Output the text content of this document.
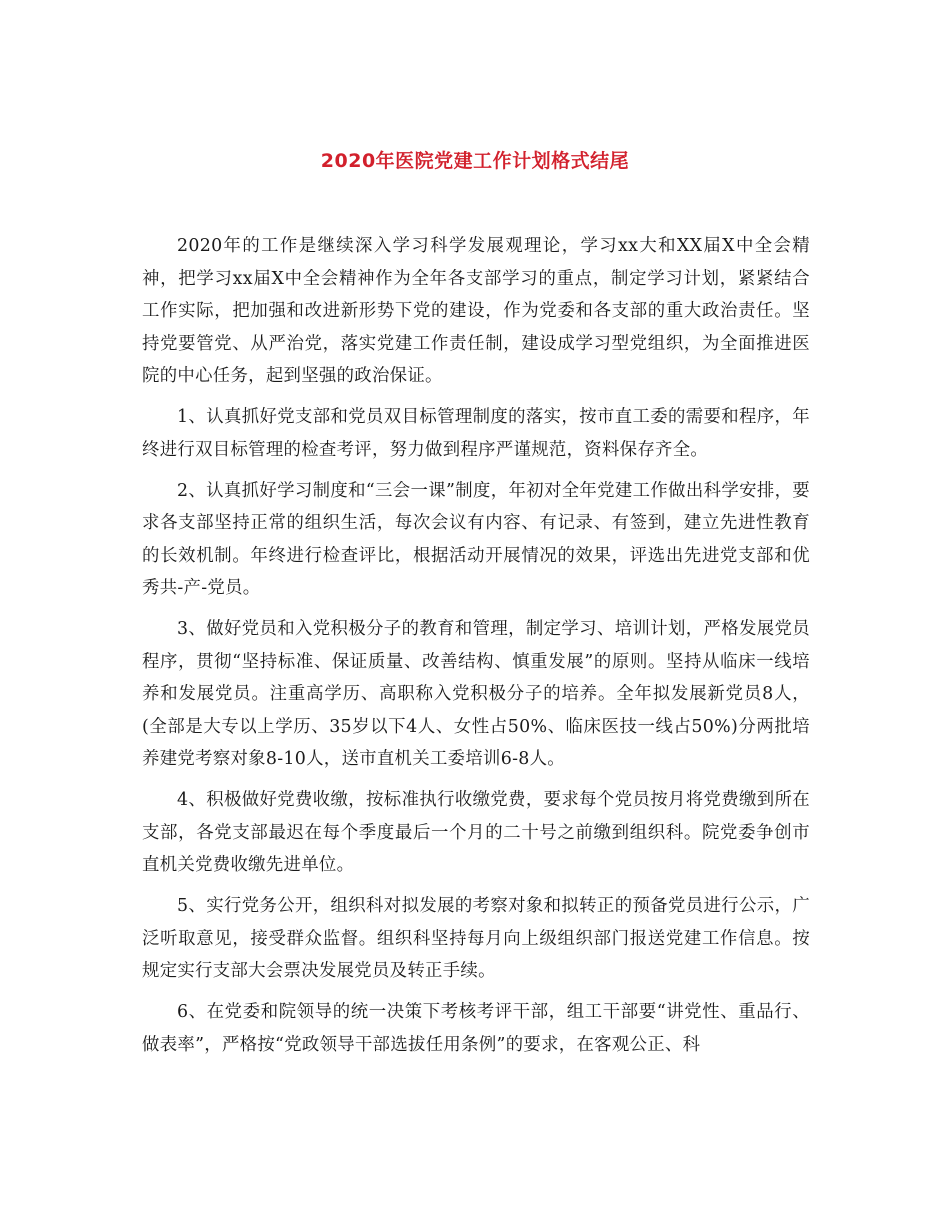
2020年医院党建工作计划格式结尾

2020年的工作是继续深入学习科学发展观理论，学习xx大和XX届X中全会精神，把学习xx届X中全会精神作为全年各支部学习的重点，制定学习计划，紧紧结合工作实际，把加强和改进新形势下党的建设，作为党委和各支部的重大政治责任。坚持党要管党、从严治党，落实党建工作责任制，建设成学习型党组织，为全面推进医院的中心任务，起到坚强的政治保证。

1、认真抓好党支部和党员双目标管理制度的落实，按市直工委的需要和程序，年终进行双目标管理的检查考评，努力做到程序严谨规范，资料保存齐全。

2、认真抓好学习制度和“三会一课”制度，年初对全年党建工作做出科学安排，要求各支部坚持正常的组织生活，每次会议有内容、有记录、有签到，建立先进性教育的长效机制。年终进行检查评比，根据活动开展情况的效果，评选出先进党支部和优秀共-产-党员。

3、做好党员和入党积极分子的教育和管理，制定学习、培训计划，严格发展党员程序，贯彻“坚持标准、保证质量、改善结构、慎重发展”的原则。坚持从临床一线培养和发展党员。注重高学历、高职称入党积极分子的培养。全年拟发展新党员8人，(全部是大专以上学历、35岁以下4人、女性占50%、临床医技一线占50%)分两批培养建党考察对象8-10人，送市直机关工委培训6-8人。

4、积极做好党费收缴，按标准执行收缴党费，要求每个党员按月将党费缴到所在支部，各党支部最迟在每个季度最后一个月的二十号之前缴到组织科。院党委争创市直机关党费收缴先进单位。

5、实行党务公开，组织科对拟发展的考察对象和拟转正的预备党员进行公示，广泛听取意见，接受群众监督。组织科坚持每月向上级组织部门报送党建工作信息。按规定实行支部大会票决发展党员及转正手续。

6、在党委和院领导的统一决策下考核考评干部，组工干部要“讲党性、重品行、做表率”，严格按“党政领导干部选拔任用条例”的要求，在客观公正、科
